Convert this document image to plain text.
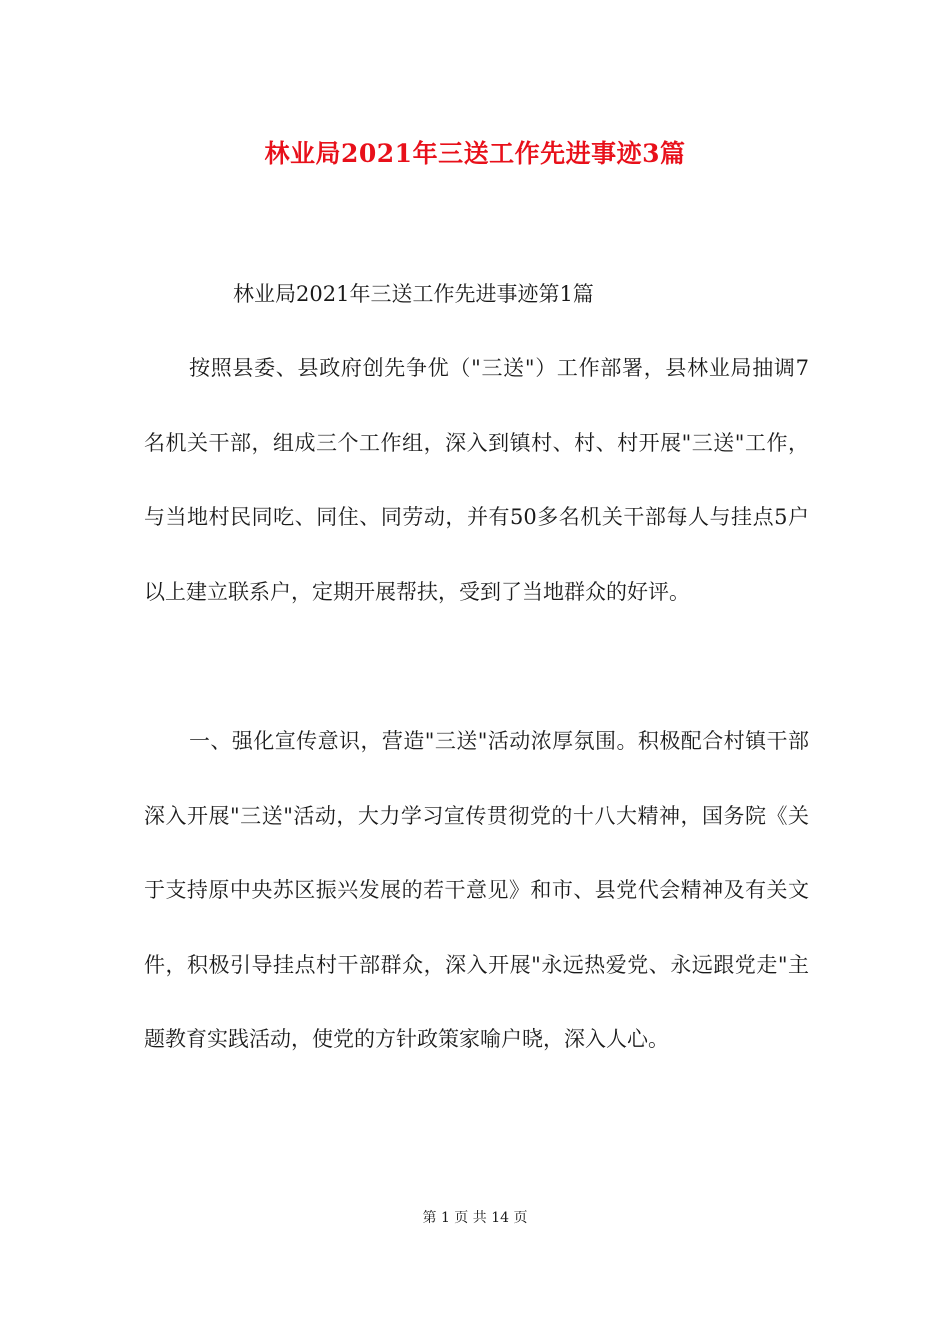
林业局2021年三送工作先进事迹3篇

林业局2021年三送工作先进事迹第1篇

按照县委、县政府创先争优（"三送"）工作部署，县林业局抽调7名机关干部，组成三个工作组，深入到镇村、村、村开展"三送"工作，与当地村民同吃、同住、同劳动，并有50多名机关干部每人与挂点5户以上建立联系户，定期开展帮扶，受到了当地群众的好评。

一、强化宣传意识，营造"三送"活动浓厚氛围。积极配合村镇干部深入开展"三送"活动，大力学习宣传贯彻党的十八大精神，国务院《关于支持原中央苏区振兴发展的若干意见》和市、县党代会精神及有关文件，积极引导挂点村干部群众，深入开展"永远热爱党、永远跟党走"主题教育实践活动，使党的方针政策家喻户晓，深入人心。

第 1 页 共 14 页
